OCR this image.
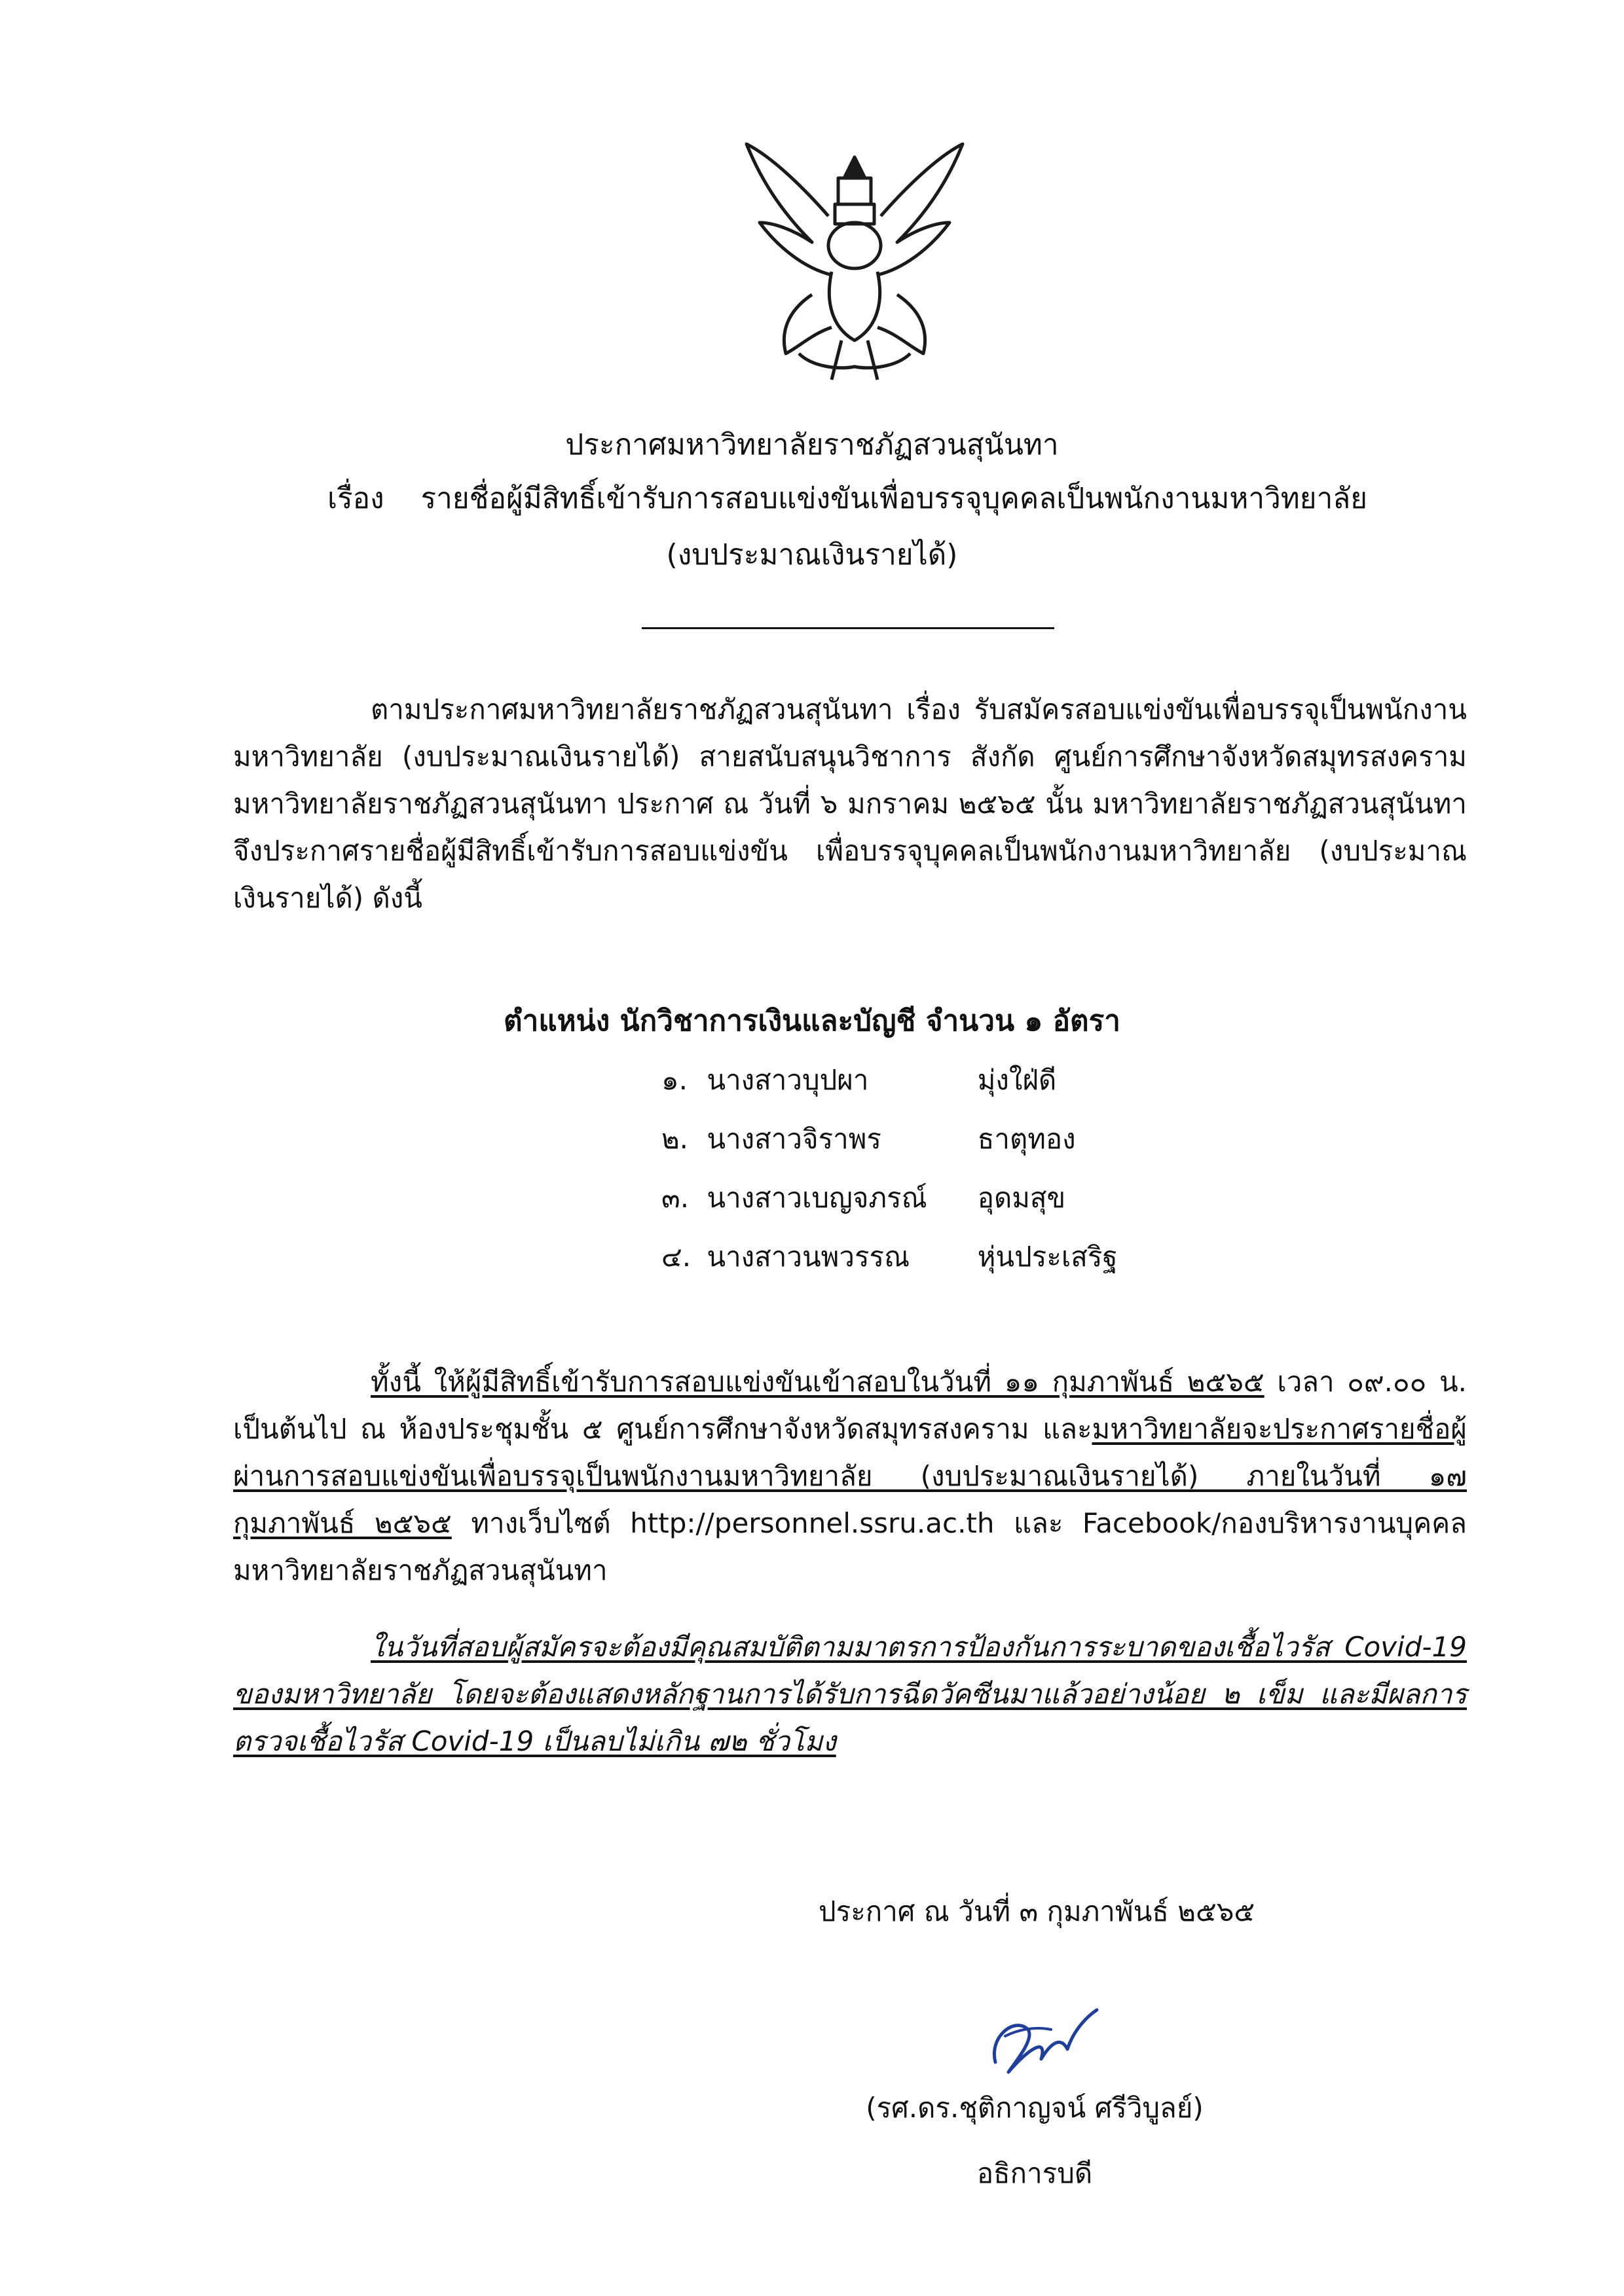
ประกาศมหาวิทยาลัยราชภัฏสวนสุนันทา
เรื่อง รายชื่อผู้มีสิทธิ์เข้ารับการสอบแข่งขันเพื่อบรรจุบุคคลเป็นพนักงานมหาวิทยาลัย
(งบประมาณเงินรายได้)
ตามประกาศมหาวิทยาลัยราชภัฏสวนสุนันทา เรื่อง รับสมัครสอบแข่งขันเพื่อบรรจุเป็นพนักงานมหาวิทยาลัย (งบประมาณเงินรายได้) สายสนับสนุนวิชาการ สังกัด ศูนย์การศึกษาจังหวัดสมุทรสงคราม มหาวิทยาลัยราชภัฏสวนสุนันทา ประกาศ ณ วันที่ ๖ มกราคม ๒๕๖๕ นั้น มหาวิทยาลัยราชภัฏสวนสุนันทา จึงประกาศรายชื่อผู้มีสิทธิ์เข้ารับการสอบแข่งขัน เพื่อบรรจุบุคคลเป็นพนักงานมหาวิทยาลัย (งบประมาณเงินรายได้) ดังนี้
ตำแหน่ง นักวิชาการเงินและบัญชี จำนวน ๑ อัตรา
๑. นางสาวบุปผา	มุ่งใฝ่ดี
๒. นางสาวจิราพร	ธาตุทอง
๓. นางสาวเบญจภรณ์ อุดมสุข
๔. นางสาวนพวรรณ หุ่นประเสริฐ
ทั้งนี้ ให้ผู้มีสิทธิ์เข้ารับการสอบแข่งขันเข้าสอบในวันที่ ๑๑ กุมภาพันธ์ ๒๕๖๕ เวลา ๐๙.๐๐ น. เป็นต้นไป ณ ห้องประชุมชั้น ๕ ศูนย์การศึกษาจังหวัดสมุทรสงคราม และมหาวิทยาลัยจะประกาศรายชื่อผู้ผ่านการสอบแข่งขันเพื่อบรรจุเป็นพนักงานมหาวิทยาลัย (งบประมาณเงินรายได้) ภายในวันที่ ๑๗ กุมภาพันธ์ ๒๕๖๕ ทางเว็บไซต์ http://personnel.ssru.ac.th และ Facebook/กองบริหารงานบุคคลมหาวิทยาลัยราชภัฏสวนสุนันทา
ในวันที่สอบผู้สมัครจะต้องมีคุณสมบัติตามมาตรการป้องกันการระบาดของเชื้อไวรัส Covid-19 ของมหาวิทยาลัย โดยจะต้องแสดงหลักฐานการได้รับการฉีดวัคซีนมาแล้วอย่างน้อย ๒ เข็ม และมีผลการตรวจเชื้อไวรัส Covid-19 เป็นลบไม่เกิน ๗๒ ชั่วโมง
ประกาศ ณ วันที่ ๓ กุมภาพันธ์ ๒๕๖๕
(รศ.ดร.ชุติกาญจน์ ศรีวิบูลย์)
อธิการบดี
